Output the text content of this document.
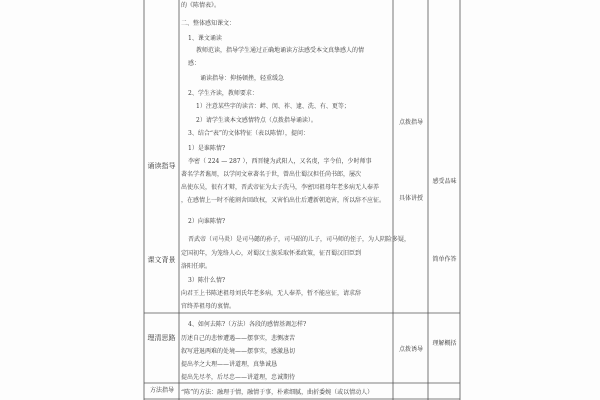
的《陈情表》。
二、整体感知课文：
1、课文诵读
教师范读，指导学生通过正确地诵读方法感受本文真挚感人的情
感：
诵读指导：抑扬顿挫，轻重缓急
2、学生齐读，教师要求：
1）注意某些字的读音：衅、闵、祚、逮、洗、有、更等；
2）请学生谈本文感情特点（点拨指导诵读）。
3、结合“表”的文体特征（表以陈情），提问：
1）是谁陈情?
李密（ 224 — 287 ），西晋犍为武阳人，又名虔，字令伯，少时师事
著名学者谯周，以学问文章著名于世，曾出仕蜀汉担任尚书郎，屡次
出使东吴，很有才辩，晋武帝征为太子洗马，李密因祖母年老多病无人奉养
，在感情上一时不能割舍回政权，又害怕出仕后遭新朝追害，所以辞不应征。
2）向谁陈情?
晋武帝（司马炎）是司马懿的孙子，司马昭的儿子，司马师的侄子，为人阴险多疑，
定国初年，为笼络人心，对蜀汉士族采取怀柔政策，征召蜀汉旧臣到
洛阳任职。
3）陈什么情?
向君王上书陈述祖母刘氏年老多病，无人奉养，暂不能应征，请求辞
官终养祖母的衷情。
4、如何去陈?（方法）各段的感情基调怎样?
历述自己的悲惨遭遇——摆事实，悲恻凄苦
叙写进退两难的处境——摆事实，感激恳切
提出孝之大理——讲道理，真挚诚恳
提出先尽孝，后尽忠——讲道理，忠诚期待
“陈”的方法：融理于情，融情于事，朴素细腻，曲折委婉（或以情动人）
诵读指导
课文背景
理清思路
方法指导
点拨指导
具体讲授
点拨诱导
感受品味
简单作答
理解概括
